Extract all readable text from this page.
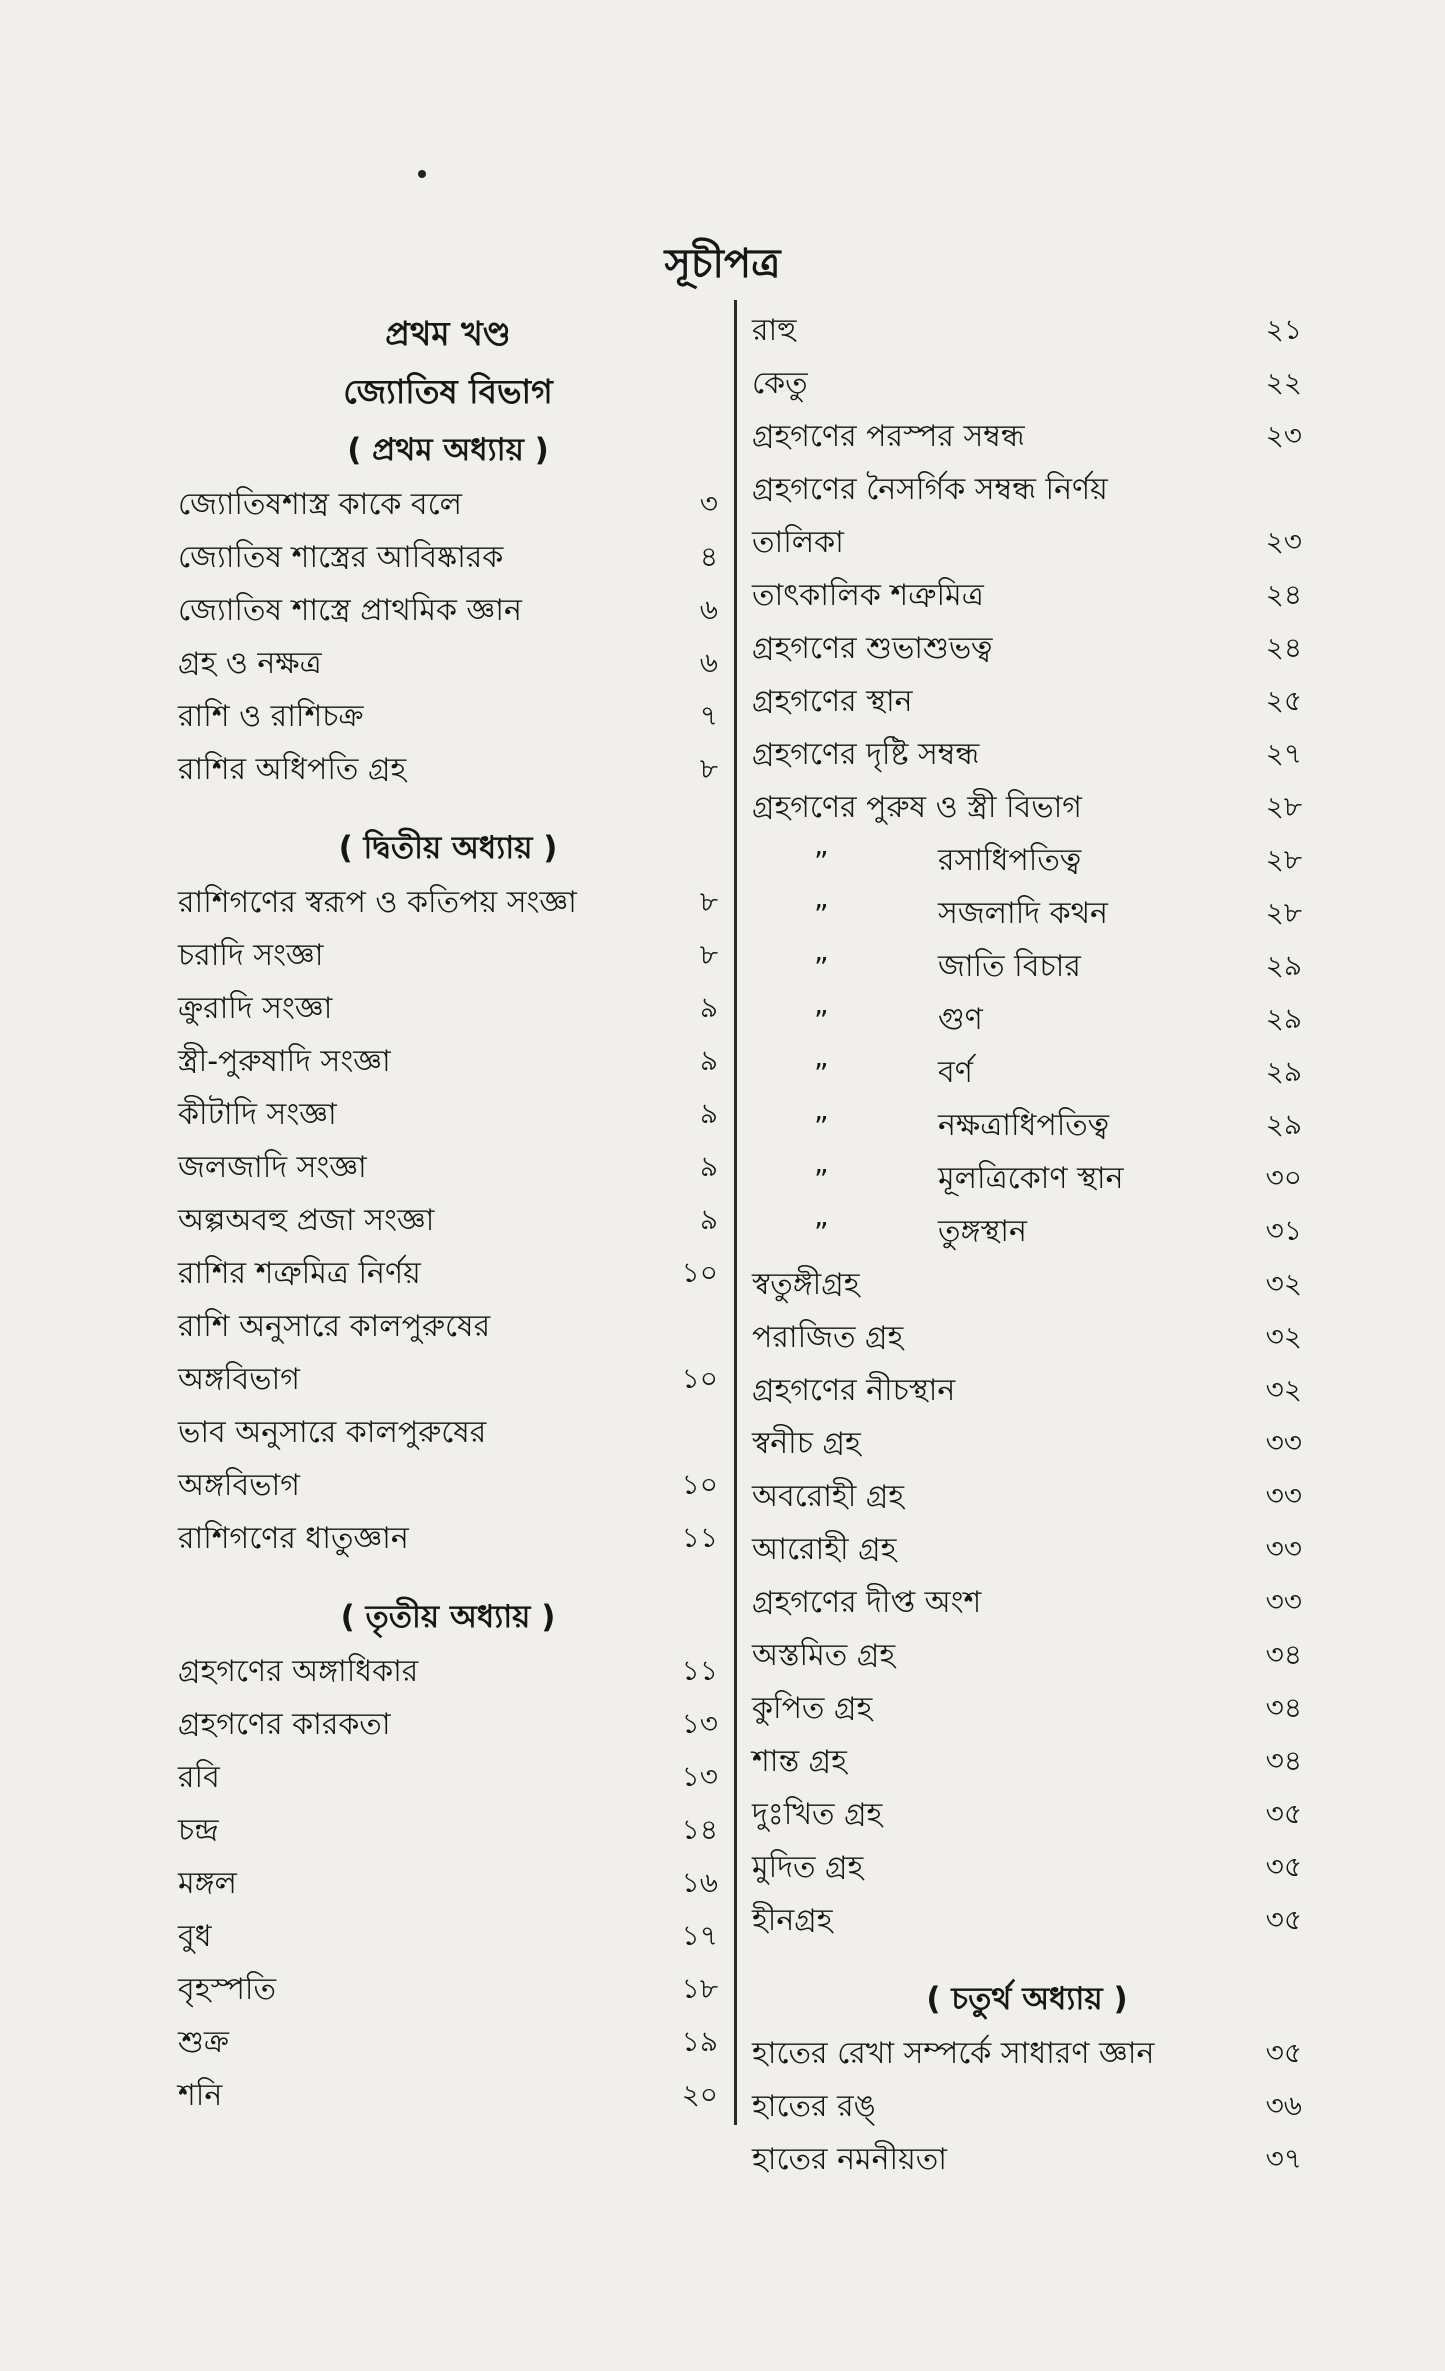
সূচীপত্র
প্রথম খণ্ড
জ্যোতিষ বিভাগ
( প্রথম অধ্যায় )
জ্যোতিষশাস্ত্র কাকে বলে	৩
জ্যোতিষ শাস্ত্রের আবিষ্কারক	৪
জ্যোতিষ শাস্ত্রে প্রাথমিক জ্ঞান	৬
গ্রহ ও নক্ষত্র	৬
রাশি ও রাশিচক্র	৭
রাশির অধিপতি গ্রহ	৮
( দ্বিতীয় অধ্যায় )
রাশিগণের স্বরূপ ও কতিপয় সংজ্ঞা	৮
চরাদি সংজ্ঞা	৮
ক্রুরাদি সংজ্ঞা	৯
স্ত্রী-পুরুষাদি সংজ্ঞা	৯
কীটাদি সংজ্ঞা	৯
জলজাদি সংজ্ঞা	৯
অল্পঅবহু প্রজা সংজ্ঞা	৯
রাশির শত্রুমিত্র নির্ণয়	১০
রাশি অনুসারে কালপুরুষের
অঙ্গবিভাগ	১০
ভাব অনুসারে কালপুরুষের
অঙ্গবিভাগ	১০
রাশিগণের ধাতুজ্ঞান	১১
( তৃতীয় অধ্যায় )
গ্রহগণের অঙ্গাধিকার	১১
গ্রহগণের কারকতা	১৩
রবি	১৩
চন্দ্র	১৪
মঙ্গল	১৬
বুধ	১৭
বৃহস্পতি	১৮
শুক্র	১৯
শনি	২০
রাহু	২১
কেতু	২২
গ্রহগণের পরস্পর সম্বন্ধ	২৩
গ্রহগণের নৈসর্গিক সম্বন্ধ নির্ণয়
তালিকা	২৩
তাৎকালিক শত্রুমিত্র	২৪
গ্রহগণের শুভাশুভত্ব	২৪
গ্রহগণের স্থান	২৫
গ্রহগণের দৃষ্টি সম্বন্ধ	২৭
গ্রহগণের পুরুষ ও স্ত্রী বিভাগ	২৮
”	রসাধিপতিত্ব	২৮
”	সজলাদি কথন	২৮
”	জাতি বিচার	২৯
”	গুণ	২৯
”	বর্ণ	২৯
”	নক্ষত্রাধিপতিত্ব	২৯
”	মূলত্রিকোণ স্থান	৩০
”	তুঙ্গস্থান	৩১
স্বতুঙ্গীগ্রহ	৩২
পরাজিত গ্রহ	৩২
গ্রহগণের নীচস্থান	৩২
স্বনীচ গ্রহ	৩৩
অবরোহী গ্রহ	৩৩
আরোহী গ্রহ	৩৩
গ্রহগণের দীপ্ত অংশ	৩৩
অস্তমিত গ্রহ	৩৪
কুপিত গ্রহ	৩৪
শান্ত গ্রহ	৩৪
দুঃখিত গ্রহ	৩৫
মুদিত গ্রহ	৩৫
হীনগ্রহ	৩৫
( চতুর্থ অধ্যায় )
হাতের রেখা সম্পর্কে সাধারণ জ্ঞান	৩৫
হাতের রঙ্	৩৬
হাতের নমনীয়তা	৩৭
